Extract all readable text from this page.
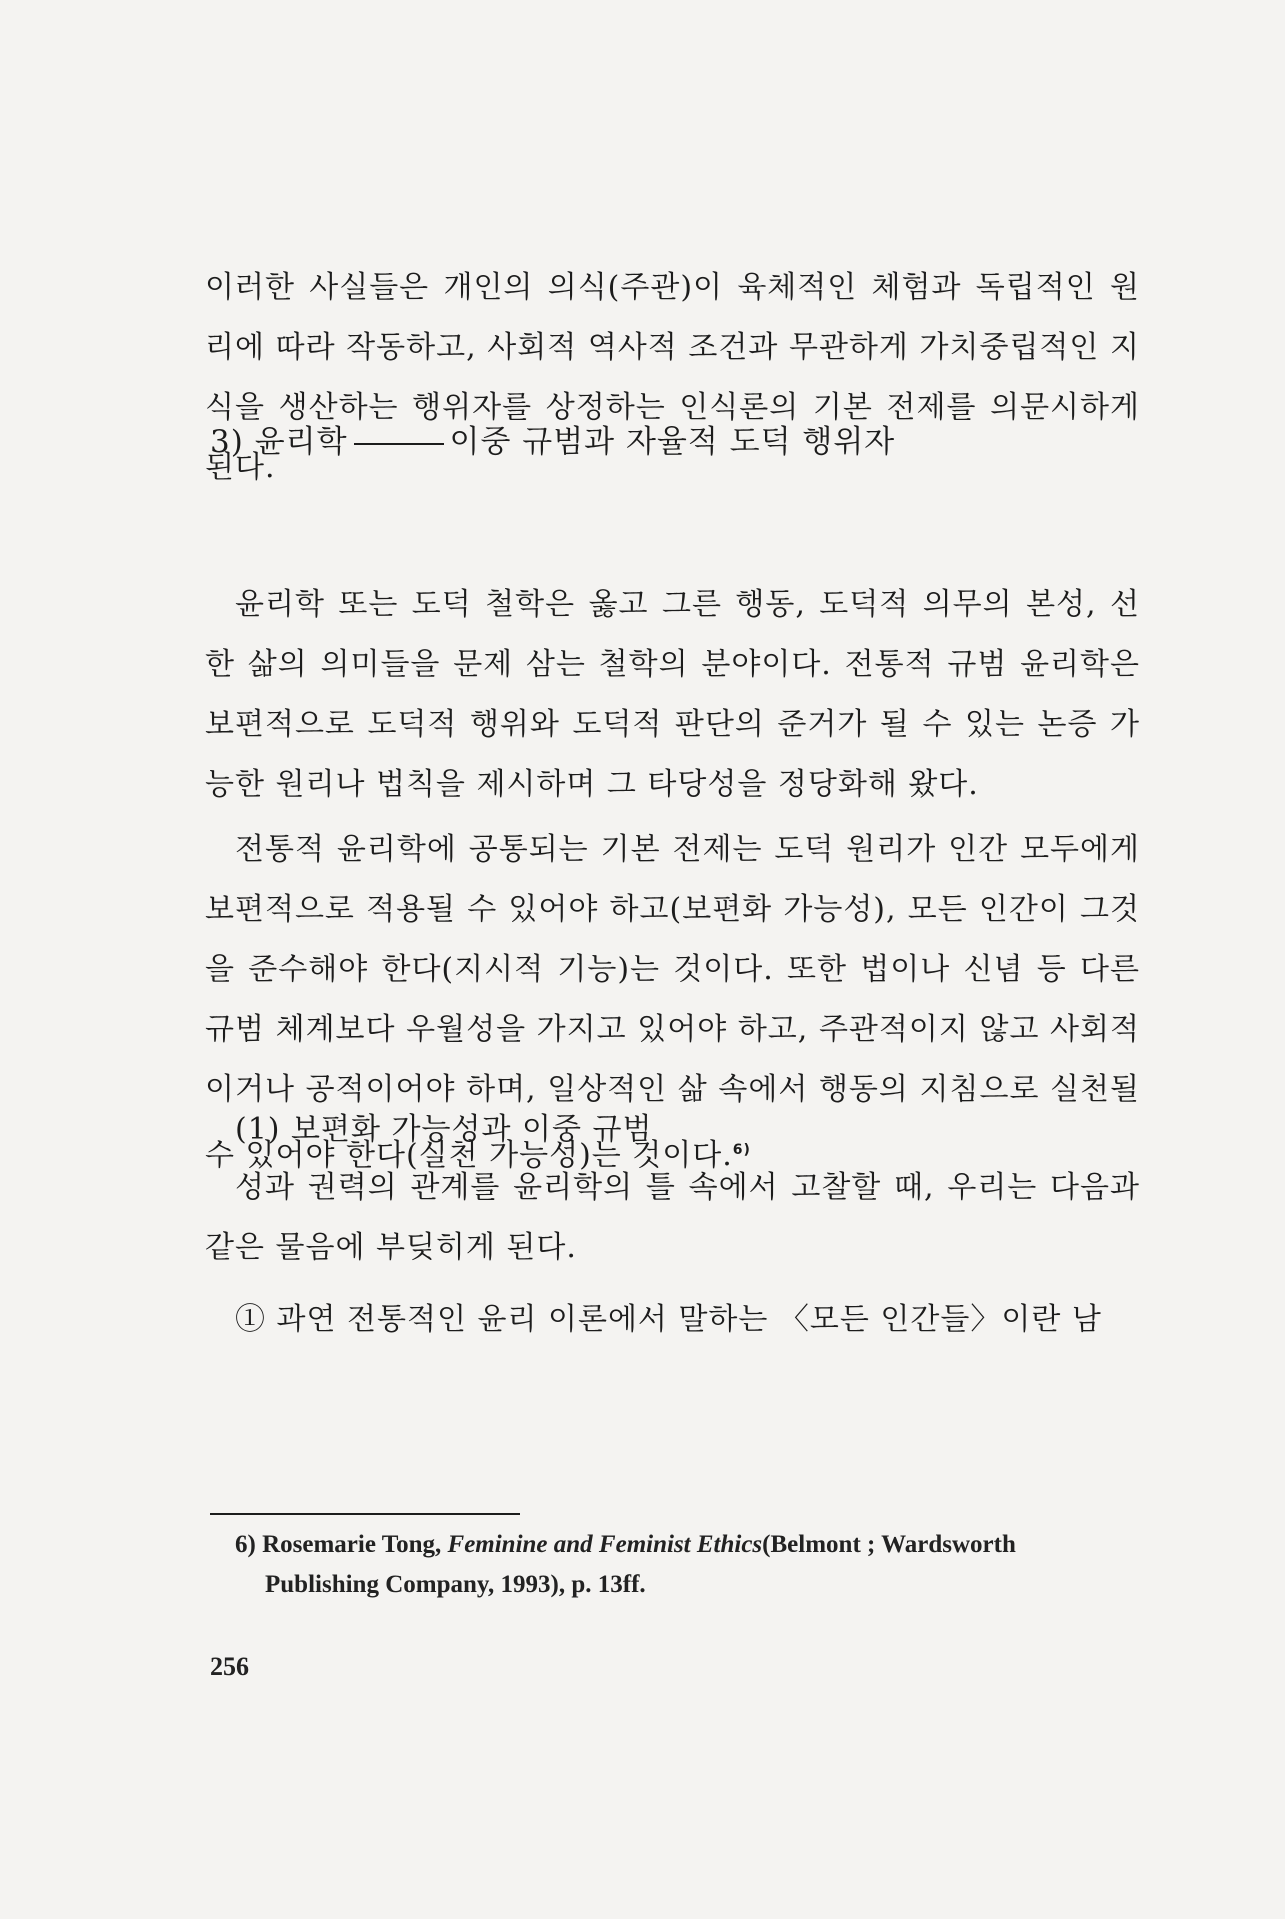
이러한 사실들은 개인의 의식(주관)이 육체적인 체험과 독립적인 원리에 따라 작동하고, 사회적 역사적 조건과 무관하게 가치중립적인 지식을 생산하는 행위자를 상정하는 인식론의 기본 전제를 의문시하게 된다.
3) 윤리학	이중 규범과 자율적 도덕 행위자
윤리학 또는 도덕 철학은 옳고 그른 행동, 도덕적 의무의 본성, 선한 삶의 의미들을 문제 삼는 철학의 분야이다. 전통적 규범 윤리학은 보편적으로 도덕적 행위와 도덕적 판단의 준거가 될 수 있는 논증 가능한 원리나 법칙을 제시하며 그 타당성을 정당화해 왔다.
전통적 윤리학에 공통되는 기본 전제는 도덕 원리가 인간 모두에게 보편적으로 적용될 수 있어야 하고(보편화 가능성), 모든 인간이 그것을 준수해야 한다(지시적 기능)는 것이다. 또한 법이나 신념 등 다른 규범 체계보다 우월성을 가지고 있어야 하고, 주관적이지 않고 사회적이거나 공적이어야 하며, 일상적인 삶 속에서 행동의 지침으로 실천될 수 있어야 한다(실천 가능성)는 것이다.$^{6)}$
(1) 보편화 가능성과 이중 규범
성과 권력의 관계를 윤리학의 틀 속에서 고찰할 때, 우리는 다음과 같은 물음에 부딪히게 된다.
① 과연 전통적인 윤리 이론에서 말하는 〈모든 인간들〉이란 남
6) Rosemarie Tong, Feminine and Feminist Ethics(Belmont ; Wardsworth
Publishing Company, 1993), p. 13ff.
256
